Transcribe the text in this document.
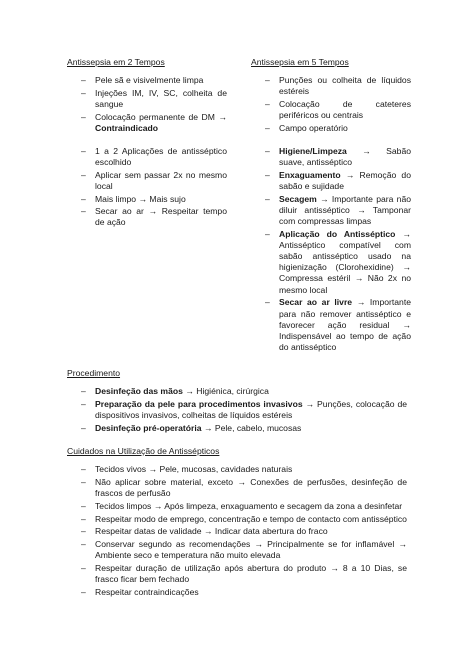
Antissepsia em 2 Tempos
– Pele sã e visivelmente limpa
– Injeções IM, IV, SC, colheita de sangue
– Colocação permanente de DM → Contraindicado
– 1 a 2 Aplicações de antisséptico escolhido
– Aplicar sem passar 2x no mesmo local
– Mais limpo → Mais sujo
– Secar ao ar → Respeitar tempo de ação
Antissepsia em 5 Tempos
– Punções ou colheita de líquidos estéreis
– Colocação de cateteres periféricos ou centrais
– Campo operatório
– Higiene/Limpeza → Sabão suave, antisséptico
– Enxaguamento → Remoção do sabão e sujidade
– Secagem → Importante para não diluir antisséptico → Tamponar com compressas limpas
– Aplicação do Antisséptico → Antisséptico compatível com sabão antisséptico usado na higienização (Clorohexidine) → Compressa estéril → Não 2x no mesmo local
– Secar ao ar livre → Importante para não remover antisséptico e favorecer ação residual → Indispensável ao tempo de ação do antisséptico
Procedimento
– Desinfeção das mãos → Higiénica, cirúrgica
– Preparação da pele para procedimentos invasivos → Punções, colocação de dispositivos invasivos, colheitas de líquidos estéreis
– Desinfeção pré-operatória → Pele, cabelo, mucosas
Cuidados na Utilização de Antissépticos
– Tecidos vivos → Pele, mucosas, cavidades naturais
– Não aplicar sobre material, exceto → Conexões de perfusões, desinfeção de frascos de perfusão
– Tecidos limpos → Após limpeza, enxaguamento e secagem da zona a desinfetar
– Respeitar modo de emprego, concentração e tempo de contacto com antisséptico
– Respeitar datas de validade → Indicar data abertura do fraco
– Conservar segundo as recomendações → Principalmente se for inflamável → Ambiente seco e temperatura não muito elevada
– Respeitar duração de utilização após abertura do produto → 8 a 10 Dias, se frasco ficar bem fechado
– Respeitar contraindicações
